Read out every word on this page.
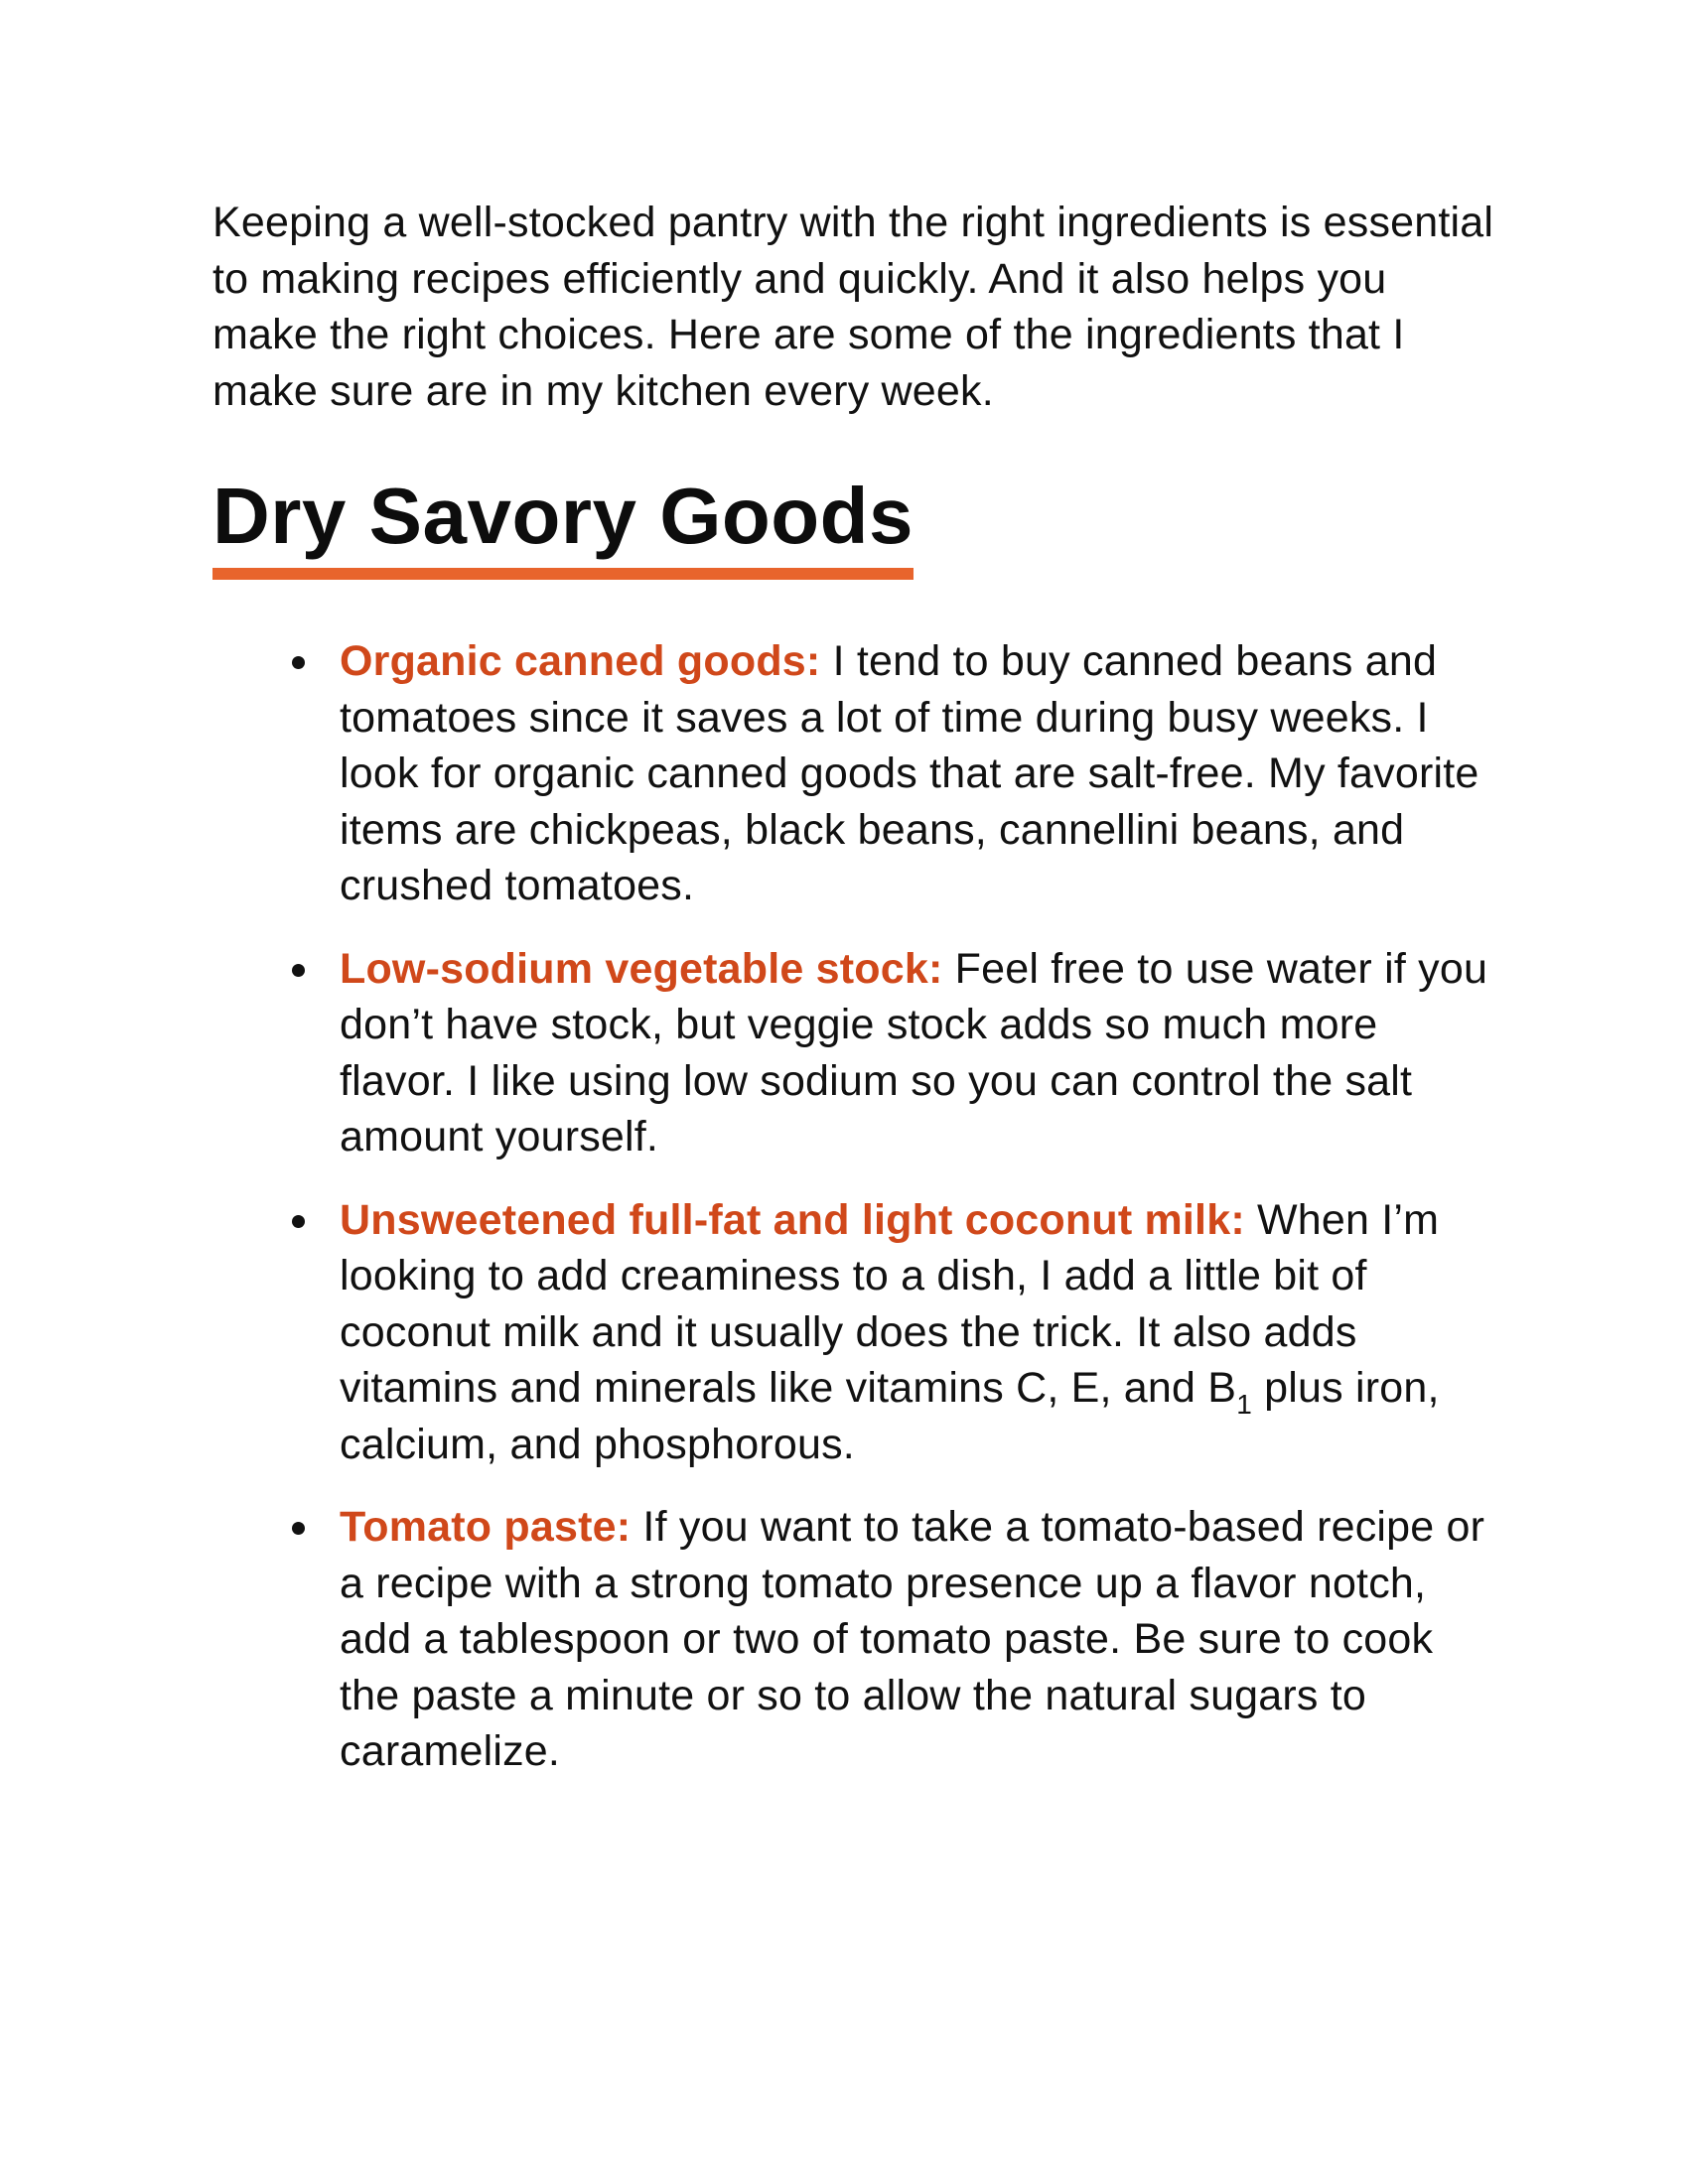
Keeping a well-stocked pantry with the right ingredients is essential to making recipes efficiently and quickly. And it also helps you make the right choices. Here are some of the ingredients that I make sure are in my kitchen every week.

Dry Savory Goods
Organic canned goods: I tend to buy canned beans and tomatoes since it saves a lot of time during busy weeks. I look for organic canned goods that are salt-free. My favorite items are chickpeas, black beans, cannellini beans, and crushed tomatoes.
Low-sodium vegetable stock: Feel free to use water if you don’t have stock, but veggie stock adds so much more flavor. I like using low sodium so you can control the salt amount yourself.
Unsweetened full-fat and light coconut milk: When I’m looking to add creaminess to a dish, I add a little bit of coconut milk and it usually does the trick. It also adds vitamins and minerals like vitamins C, E, and $B_1$ plus iron, calcium, and phosphorous.
Tomato paste: If you want to take a tomato-based recipe or a recipe with a strong tomato presence up a flavor notch, add a tablespoon or two of tomato paste. Be sure to cook the paste a minute or so to allow the natural sugars to caramelize.
